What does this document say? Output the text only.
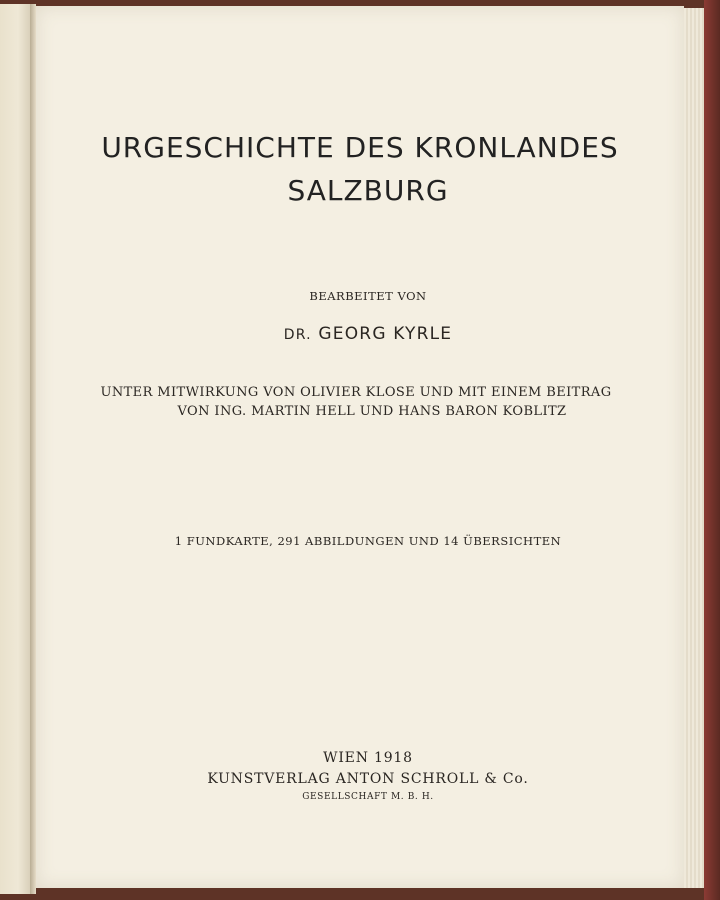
URGESCHICHTE DES KRONLANDES
SALZBURG
BEARBEITET VON
DR. GEORG KYRLE
UNTER MITWIRKUNG VON OLIVIER KLOSE UND MIT EINEM BEITRAG
VON ING. MARTIN HELL UND HANS BARON KOBLITZ
1 FUNDKARTE, 291 ABBILDUNGEN UND 14 ÜBERSICHTEN
WIEN 1918
KUNSTVERLAG ANTON SCHROLL & Co.
GESELLSCHAFT M. B. H.
